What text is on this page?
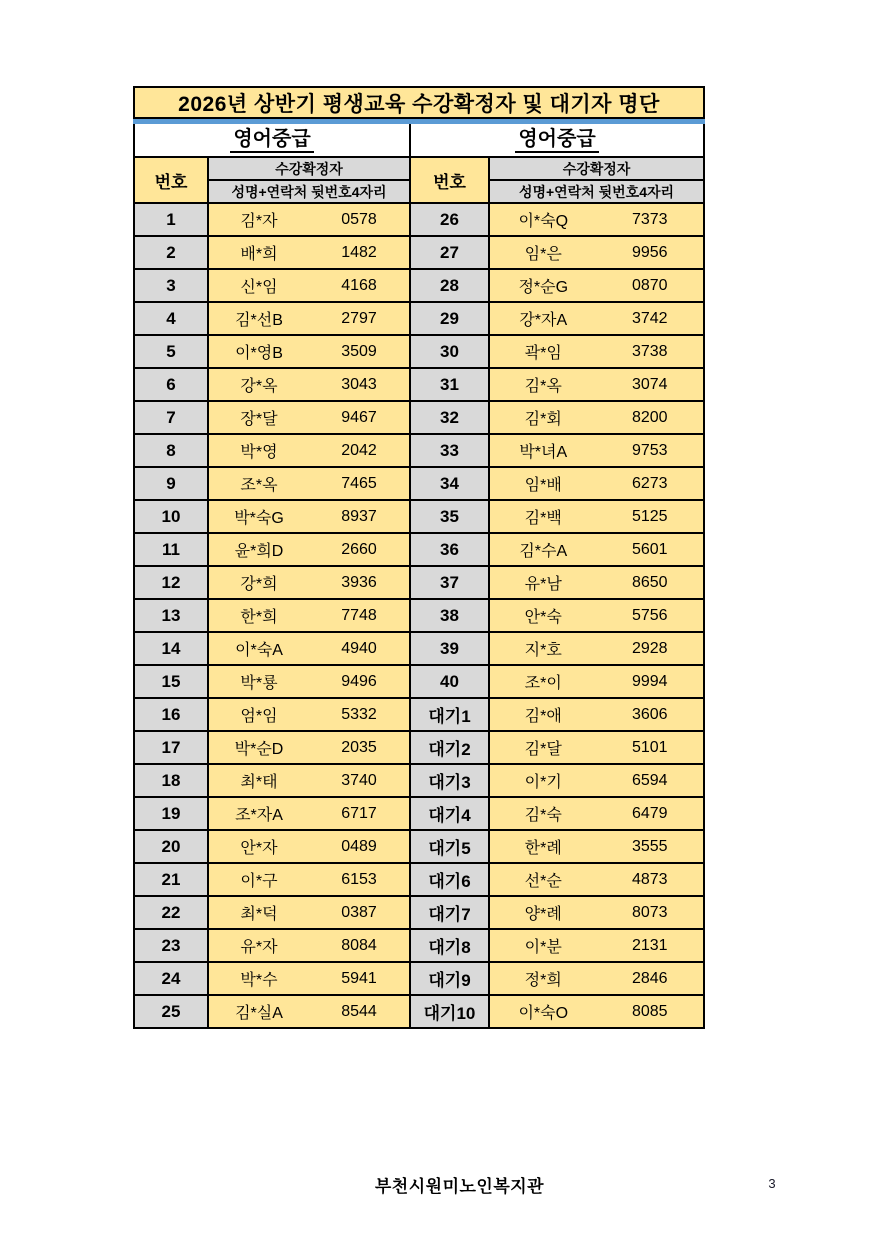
2026년 상반기 평생교육 수강확정자 및 대기자 명단
영어중급	영어중급
번호
수강확정자
성명+연락처 뒷번호4자리	번호
수강확정자
성명+연락처 뒷번호4자리
1	김*자	0578	26	이*숙Q	7373
2	배*희	1482	27	임*은	9956
3	신*임	4168	28	정*순G	0870
4	김*선B	2797	29	강*자A	3742
5	이*영B	3509	30	곽*임	3738
6	강*옥	3043	31	김*옥	3074
7	장*달	9467	32	김*회	8200
8	박*영	2042	33	박*녀A	9753
9	조*옥	7465	34	임*배	6273
10	박*숙G	8937	35	김*백	5125
11	윤*희D	2660	36	김*수A	5601
12	강*희	3936	37	유*남	8650
13	한*희	7748	38	안*숙	5756
14	이*숙A	4940	39	지*호	2928
15	박*룡	9496	40	조*이	9994
16	엄*임	5332	대기1	김*애	3606
17	박*순D	2035	대기2	김*달	5101
18	최*태	3740	대기3	이*기	6594
19	조*자A	6717	대기4	김*숙	6479
20	안*자	0489	대기5	한*례	3555
21	이*구	6153	대기6	선*순	4873
22	최*덕	0387	대기7	양*례	8073
23	유*자	8084	대기8	이*분	2131
24	박*수	5941	대기9	정*희	2846
25	김*실A	8544	대기10	이*숙O	8085
부천시원미노인복지관	3
